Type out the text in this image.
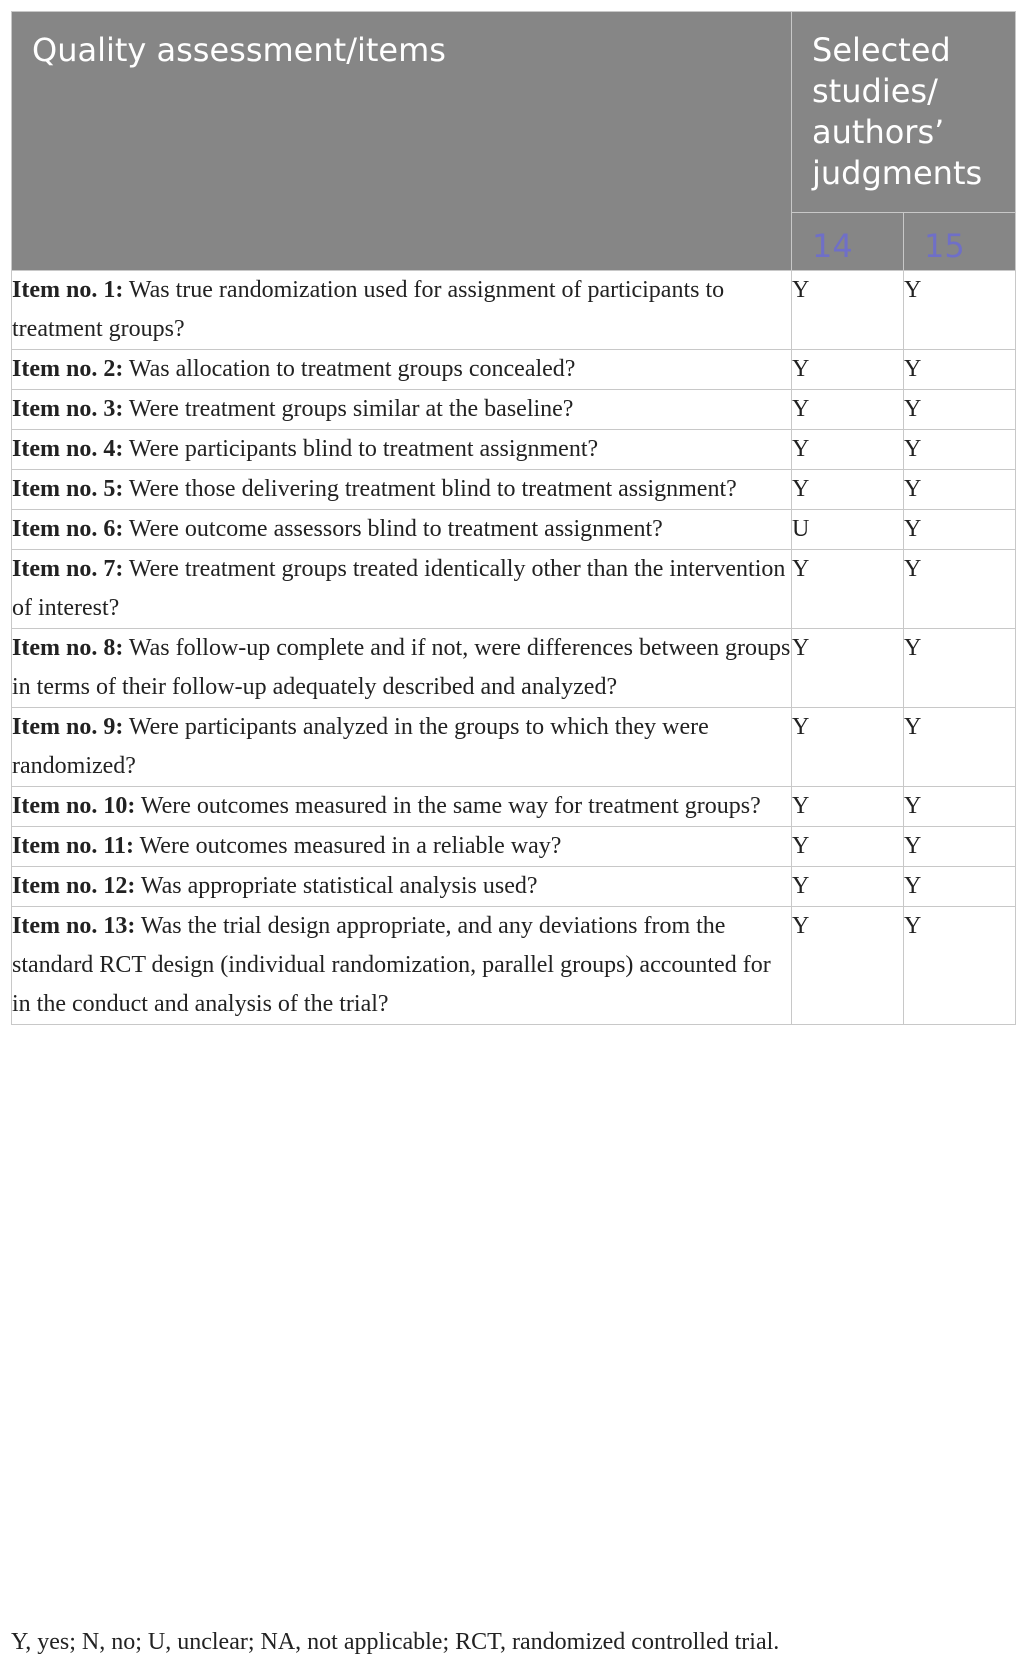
Quality assessment/items	Selected studies/ authors’ judgments	
	14	15
Item no. 1: Was true randomization used for assignment of participants to treatment groups?	Y	Y
Item no. 2: Was allocation to treatment groups concealed?	Y	Y
Item no. 3: Were treatment groups similar at the baseline?	Y	Y
Item no. 4: Were participants blind to treatment assignment?	Y	Y
Item no. 5: Were those delivering treatment blind to treatment assignment?	Y	Y
Item no. 6: Were outcome assessors blind to treatment assignment?	U	Y
Item no. 7: Were treatment groups treated identically other than the intervention of interest?	Y	Y
Item no. 8: Was follow-up complete and if not, were differences between groups in terms of their follow-up adequately described and analyzed?	Y	Y
Item no. 9: Were participants analyzed in the groups to which they were randomized?	Y	Y
Item no. 10: Were outcomes measured in the same way for treatment groups?	Y	Y
Item no. 11: Were outcomes measured in a reliable way?	Y	Y
Item no. 12: Was appropriate statistical analysis used?	Y	Y
Item no. 13: Was the trial design appropriate, and any deviations from the standard RCT design (individual randomization, parallel groups) accounted for in the conduct and analysis of the trial?	Y	Y
Y, yes; N, no; U, unclear; NA, not applicable; RCT, randomized controlled trial.
